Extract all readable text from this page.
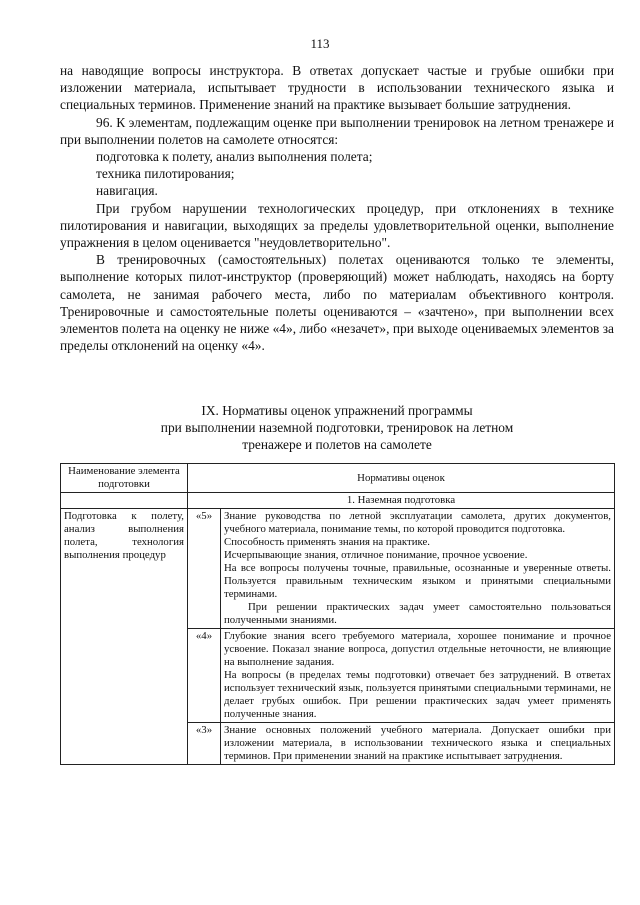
113

на наводящие вопросы инструктора. В ответах допускает частые и грубые ошибки при изложении материала, испытывает трудности в использовании технического языка и специальных терминов. Применение знаний на практике вызывает большие затруднения.

96. К элементам, подлежащим оценке при выполнении тренировок на летном тренажере и при выполнении полетов на самолете относятся:

подготовка к полету, анализ выполнения полета;

техника пилотирования;

навигация.

При грубом нарушении технологических процедур, при отклонениях в технике пилотирования и навигации, выходящих за пределы удовлетворительной оценки, выполнение упражнения в целом оценивается "неудовлетворительно".

В тренировочных (самостоятельных) полетах оцениваются только те элементы, выполнение которых пилот-инструктор (проверяющий) может наблюдать, находясь на борту самолета, не занимая рабочего места, либо по материалам объективного контроля. Тренировочные и самостоятельные полеты оцениваются – «зачтено», при выполнении всех элементов полета на оценку не ниже «4», либо «незачет», при выходе оцениваемых элементов за пределы отклонений на оценку «4».

IX. Нормативы оценок упражнений программы
при выполнении наземной подготовки, тренировок на летном
тренажере и полетов на самолете
Наименование элемента подготовки	Нормативы оценок	
	1. Наземная подготовка	
Подготовка к полету, анализ выполнения полета, технология выполнения процедур	«5»	Знание руководства по летной эксплуатации самолета, других документов, учебного материала, понимание темы, по которой проводится подготовка.

Способность применять знания на практике.

Исчерпывающие знания, отличное понимание, прочное усвоение.

На все вопросы получены точные, правильные, осознанные и уверенные ответы. Пользуется правильным техническим языком и принятыми специальными терминами.

При решении практических задач умеет самостоятельно пользоваться полученными знаниями.

	«4»	Глубокие знания всего требуемого материала, хорошее понимание и прочное усвоение. Показал знание вопроса, допустил отдельные неточности, не влияющие на выполнение задания.

На вопросы (в пределах темы подготовки) отвечает без затруднений. В ответах использует технический язык, пользуется принятыми специальными терминами, не делает грубых ошибок. При решении практических задач умеет применять полученные знания.

	«3»	Знание основных положений учебного материала. Допускает ошибки при изложении материала, в использовании технического языка и специальных терминов. При применении знаний на практике испытывает затруднения.
